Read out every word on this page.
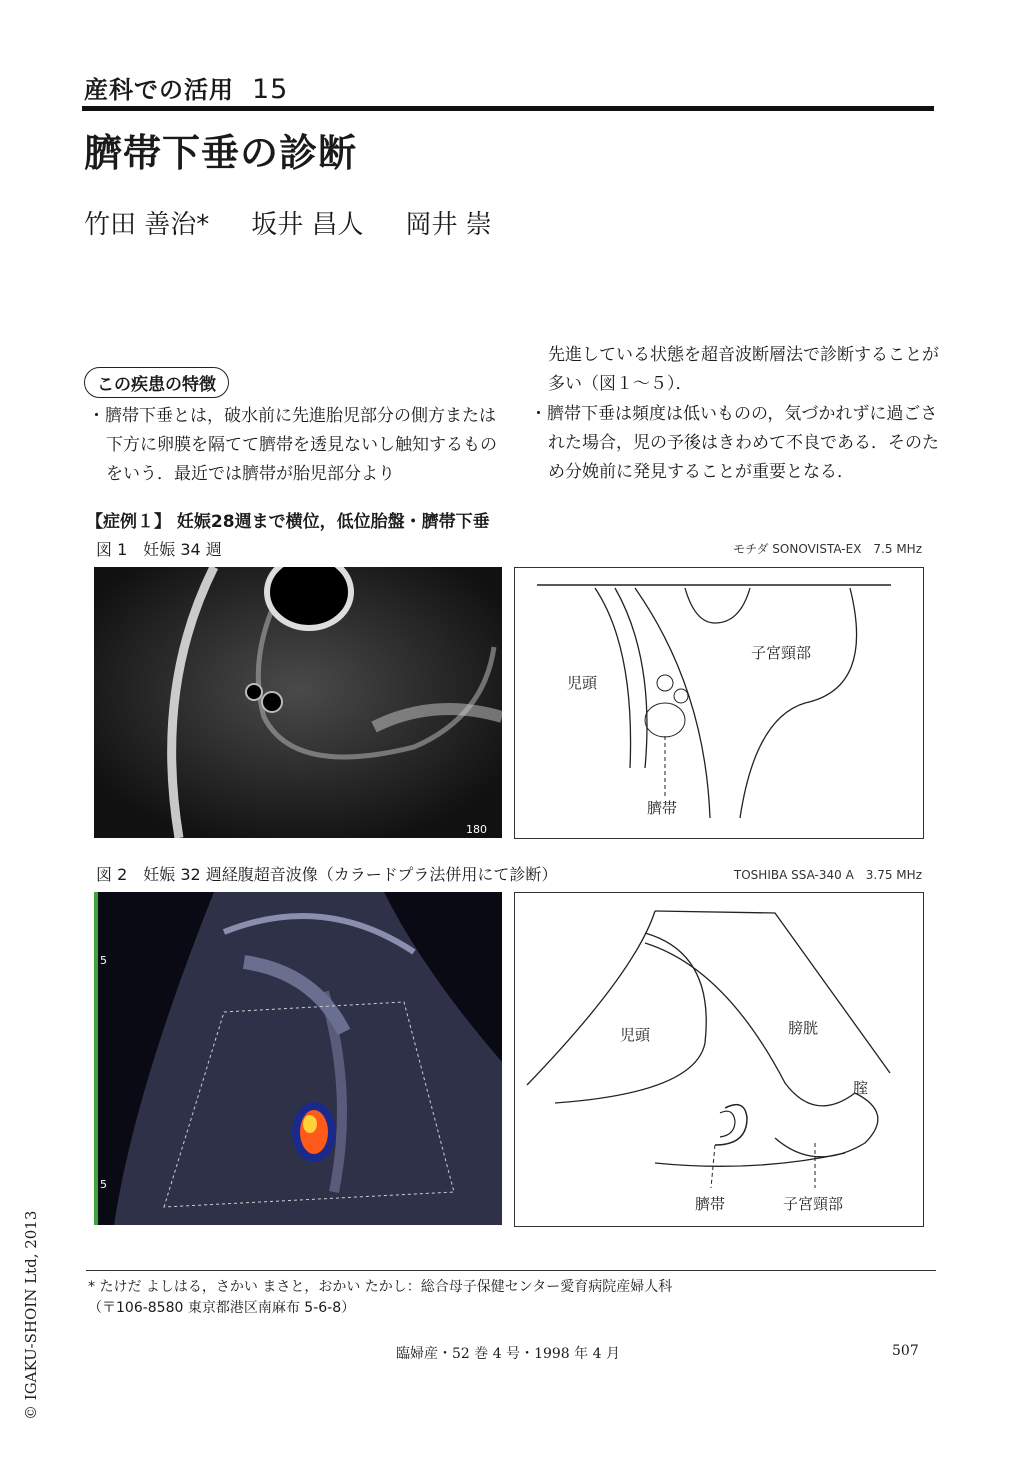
産科での活用 15
臍帯下垂の診断
竹田 善治* 坂井 昌人 岡井 崇
この疾患の特徴
・臍帯下垂とは，破水前に先進胎児部分の側方または下方に卵膜を隔てて臍帯を透見ないし触知するものをいう．最近では臍帯が胎児部分より
先進している状態を超音波断層法で診断することが多い（図１～５）．
・臍帯下垂は頻度は低いものの，気づかれずに過ごされた場合，児の予後はきわめて不良である．そのため分娩前に発見することが重要となる．
【症例１】 妊娠28週まで横位，低位胎盤・臍帯下垂
図 1　妊娠 34 週	モチダ SONOVISTA-EX　7.5 MHz
180
児頭
子宮頸部
臍帯
図 2　妊娠 32 週経腹超音波像（カラードプラ法併用にて診断）	TOSHIBA SSA-340 A　3.75 MHz
5
5
児頭	膀胱
腟
臍帯	子宮頸部
* たけだ よしはる，さかい まさと，おかい たかし：総合母子保健センター愛育病院産婦人科
（〒106-8580 東京都港区南麻布 5-6-8）
臨婦産・52 巻 4 号・1998 年 4 月	507
© IGAKU-SHOIN Ltd, 2013
